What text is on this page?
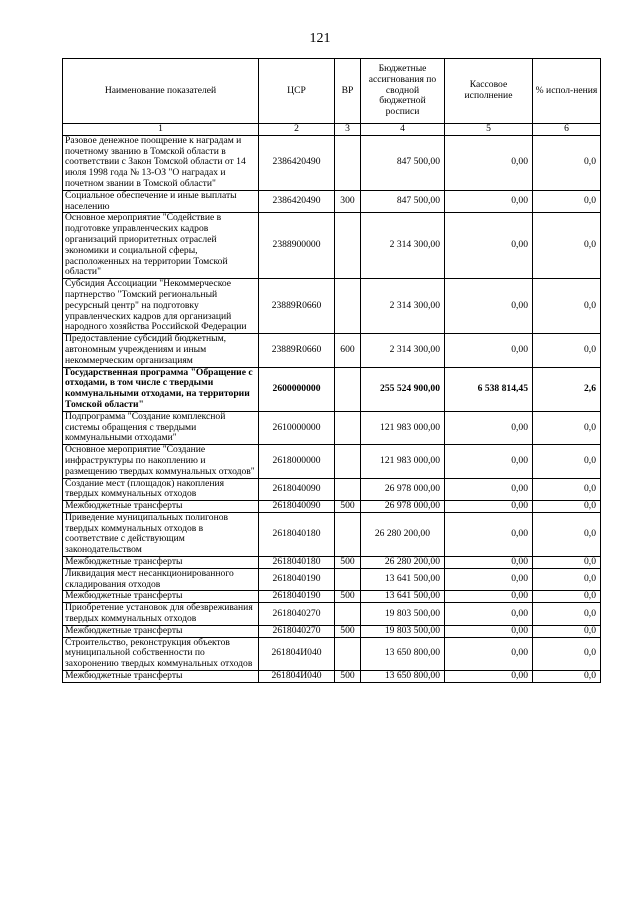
121
Наименование показателей	ЦСР	ВР	Бюджетные ассигнования по сводной бюджетной росписи	Кассовое исполнение	% испол-нения
1	2	3	4	5	6
Разовое денежное поощрение к наградам и почетному званию в Томской области в соответствии с Закон Томской области от 14 июля 1998 года № 13-ОЗ "О наградах и почетном звании в Томской области"	2386420490		847 500,00	0,00	0,0
Социальное обеспечение и иные выплаты населению	2386420490	300	847 500,00	0,00	0,0
Основное мероприятие "Содействие в подготовке управленческих кадров организаций приоритетных отраслей экономики и социальной сферы, расположенных на территории Томской области"	2388900000		2 314 300,00	0,00	0,0
Субсидия Ассоциации "Некоммерческое партнерство "Томский региональный ресурсный центр" на подготовку управленческих кадров для организаций народного хозяйства Российской Федерации	23889R0660		2 314 300,00	0,00	0,0
Предоставление субсидий бюджетным, автономным учреждениям и иным некоммерческим организациям	23889R0660	600	2 314 300,00	0,00	0,0
Государственная программа "Обращение с отходами, в том числе с твердыми коммунальными отходами, на территории Томской области"	2600000000		255 524 900,00	6 538 814,45	2,6
Подпрограмма "Создание комплексной системы обращения с твердыми коммунальными отходами"	2610000000		121 983 000,00	0,00	0,0
Основное мероприятие "Создание инфраструктуры по накоплению и размещению твердых коммунальных отходов"	2618000000		121 983 000,00	0,00	0,0
Создание мест (площадок) накопления твердых коммунальных отходов	2618040090		26 978 000,00	0,00	0,0
Межбюджетные трансферты	2618040090	500	26 978 000,00	0,00	0,0
Приведение муниципальных полигонов твердых коммунальных отходов в соответствие с действующим законодательством	2618040180		26 280 200,00	0,00	0,0
Межбюджетные трансферты	2618040180	500	26 280 200,00	0,00	0,0
Ликвидация мест несанкционированного складирования отходов	2618040190		13 641 500,00	0,00	0,0
Межбюджетные трансферты	2618040190	500	13 641 500,00	0,00	0,0
Приобретение установок для обезвреживания твердых коммунальных отходов	2618040270		19 803 500,00	0,00	0,0
Межбюджетные трансферты	2618040270	500	19 803 500,00	0,00	0,0
Строительство, реконструкция объектов муниципальной собственности по захоронению твердых коммунальных отходов	261804И040		13 650 800,00	0,00	0,0
Межбюджетные трансферты	261804И040	500	13 650 800,00	0,00	0,0
